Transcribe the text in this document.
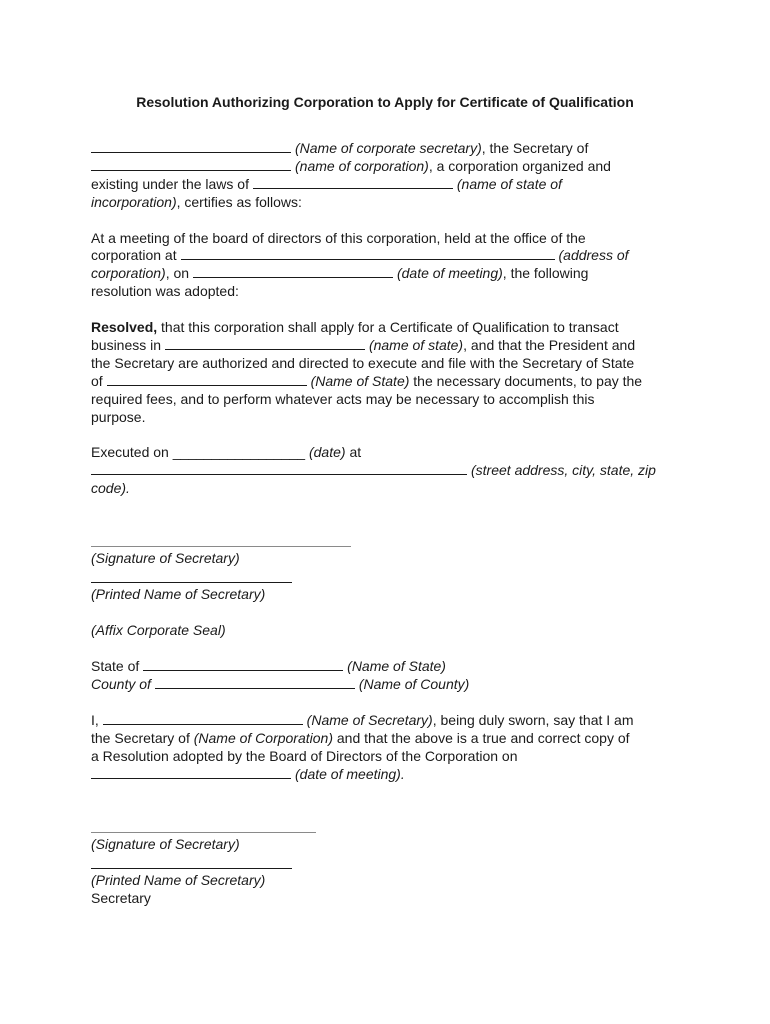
Resolution Authorizing Corporation to Apply for Certificate of Qualification
(Name of corporate secretary), the Secretary of
(name of corporation), a corporation organized and
existing under the laws of	(name of state of
incorporation), certifies as follows:
At a meeting of the board of directors of this corporation, held at the office of the
corporation at	(address of
corporation), on	(date of meeting), the following
resolution was adopted:
Resolved, that this corporation shall apply for a Certificate of Qualification to transact
business in	(name of state), and that the President and
the Secretary are authorized and directed to execute and file with the Secretary of State
of	(Name of State) the necessary documents, to pay the
required fees, and to perform whatever acts may be necessary to accomplish this
purpose.
Executed on _________________ (date) at
(street address, city, state, zip
code).
(Signature of Secretary)
(Printed Name of Secretary)
(Affix Corporate Seal)
State of	(Name of State)
County of	(Name of County)
I,	(Name of Secretary), being duly sworn, say that I am
the Secretary of (Name of Corporation) and that the above is a true and correct copy of
a Resolution adopted by the Board of Directors of the Corporation on
(date of meeting).
(Signature of Secretary)
(Printed Name of Secretary)
Secretary
